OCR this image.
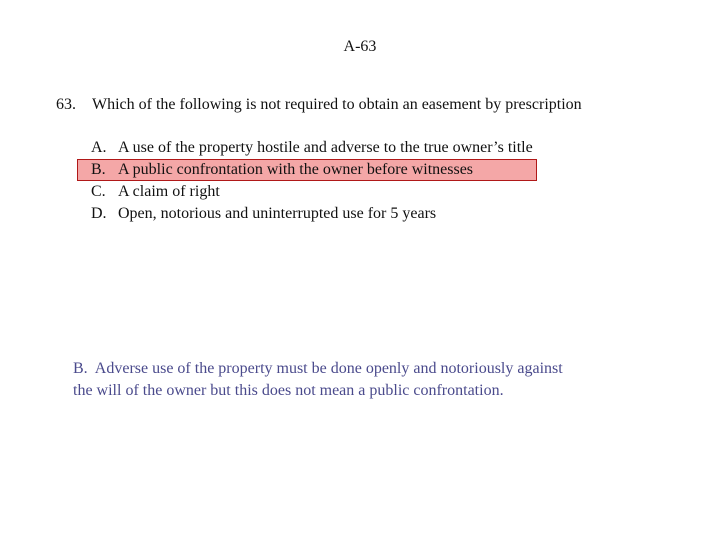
A-63
63. Which of the following is not required to obtain an easement by prescription
A. A use of the property hostile and adverse to the true owner’s title
B. A public confrontation with the owner before witnesses
C. A claim of right
D. Open, notorious and uninterrupted use for 5 years
B.  Adverse use of the property must be done openly and notoriously against
the will of the owner but this does not mean a public confrontation.
